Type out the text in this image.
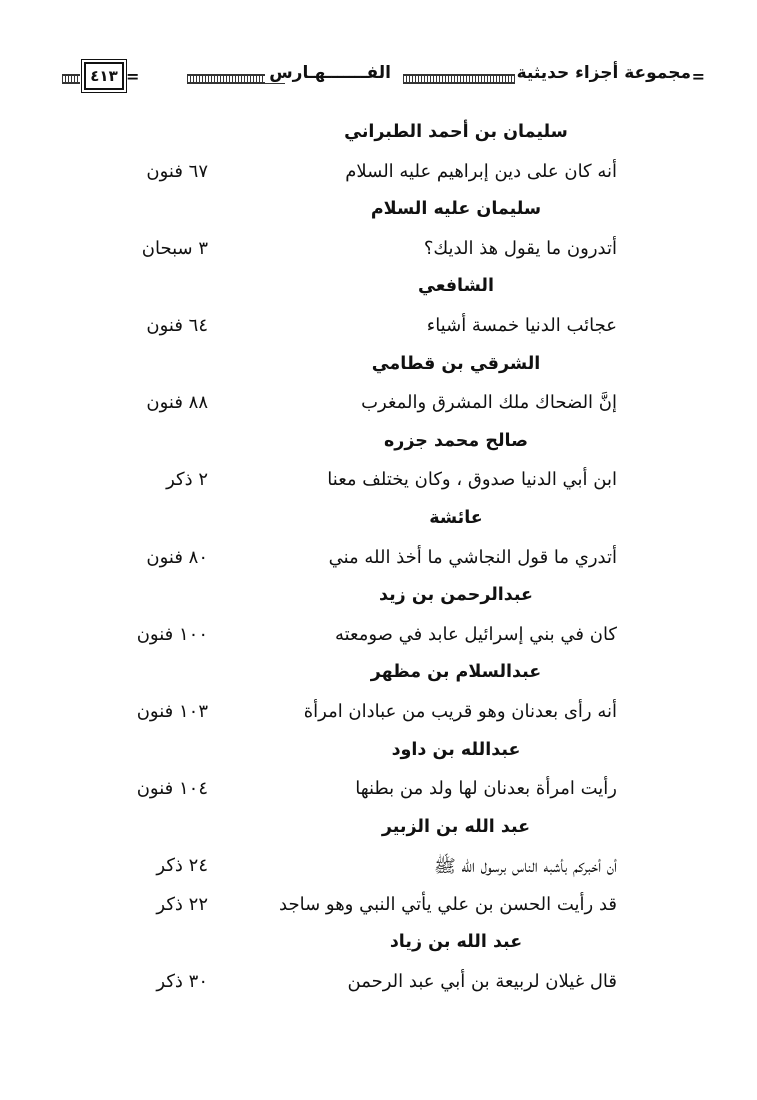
=
=	مجموعة أجزاء حديثية
الفـــــــهـارس
٤١٣
سليمان بن أحمد الطبراني
أنه كان على دين إبراهيم عليه السلام
٦٧ فنون
سليمان عليه السلام
أتدرون ما يقول هذ الديك؟
٣ سبحان
الشافعي
عجائب الدنيا خمسة أشياء
٦٤ فنون
الشرقي بن قطامي
إنَّ الضحاك ملك المشرق والمغرب
٨٨ فنون
صالح محمد جزره
ابن أبي الدنيا صدوق ، وكان يختلف معنا
٢ ذكر
عائشة
أتدري ما قول النجاشي ما أخذ الله مني
٨٠ فنون
عبدالرحمن بن زيد
كان في بني إسرائيل عابد في صومعته
١٠٠ فنون
عبدالسلام بن مظهر
أنه رأى بعدنان وهو قريب من عبادان امرأة
١٠٣ فنون
عبدالله بن داود
رأيت امرأة بعدنان لها ولد من بطنها
١٠٤ فنون
عبد الله بن الزبير
أن أخبركم بأشبه الناس برسول الله ﷺ
٢٤ ذكر
قد رأيت الحسن بن علي يأتي النبي وهو ساجد
٢٢ ذكر
عبد الله بن زياد
قال غيلان لربيعة بن أبي عبد الرحمن
٣٠ ذكر
